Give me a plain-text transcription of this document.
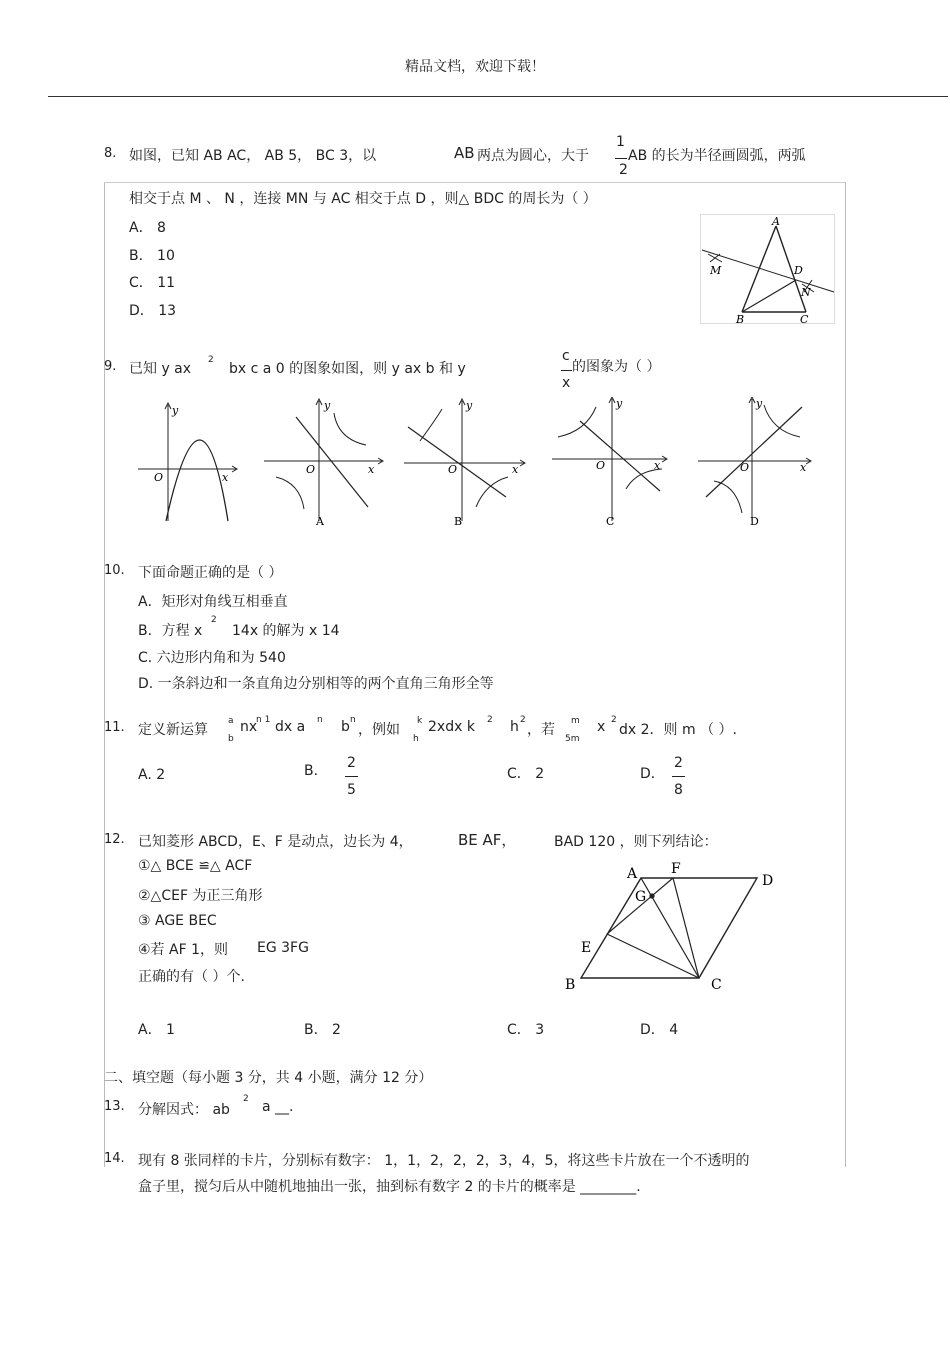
精品文档，欢迎下载！
8. 如图，已知 AB AC， AB 5， BC 3，以	AB 两点为圆心，大于
1
2
AB 的长为半径画圆弧，两弧
相交于点 M 、 N ，连接 MN 与 AC 相交于点 D ，则△ BDC 的周长为（ ）
A． 8
B． 10
C． 11
D． 13
A
M	D
N
B	C
9. 已知 y ax
2
bx c a 0 的图象如图，则 y ax b 和 y
c
x
的图象为（ ）
y
x
O
y
x
O
A
y
x
O
B
y
x
O
C
y
x
O
D
10. 下面命题正确的是（ ）
A．矩形对角线互相垂直
B．方程 x
2
14x 的解为 x 14
C. 六边形内角和为 540
D. 一条斜边和一条直角边分别相等的两个直角三角形全等
11. 定义新运算
a
b
nx
n 1 dx a n b n
，例如
k
h
2xdx k 2 h 2
，若
m
5m
x 2
dx 2．则 m （ ）.
A. 2	B. 2
5
C． 2	D．
2
8
12. 已知菱形 ABCD，E、F 是动点，边长为 4，	BE AF，	BAD 120 ，则下列结论：
①△ BCE ≌△ ACF
②△CEF 为正三角形
③ AGE BEC
④若 AF 1，则 EG 3FG
正确的有（ ）个.
A F
D
G
E
B	C
A． 1	B． 2	C． 3	D． 4
二、填空题（每小题 3 分，共 4 小题，满分 12 分）
13. 分解因式： ab
2 a __.
14. 现有 8 张同样的卡片，分别标有数字： 1，1，2，2，2，3，4，5，将这些卡片放在一个不透明的
盒子里，搅匀后从中随机地抽出一张，抽到标有数字 2 的卡片的概率是 ________.
